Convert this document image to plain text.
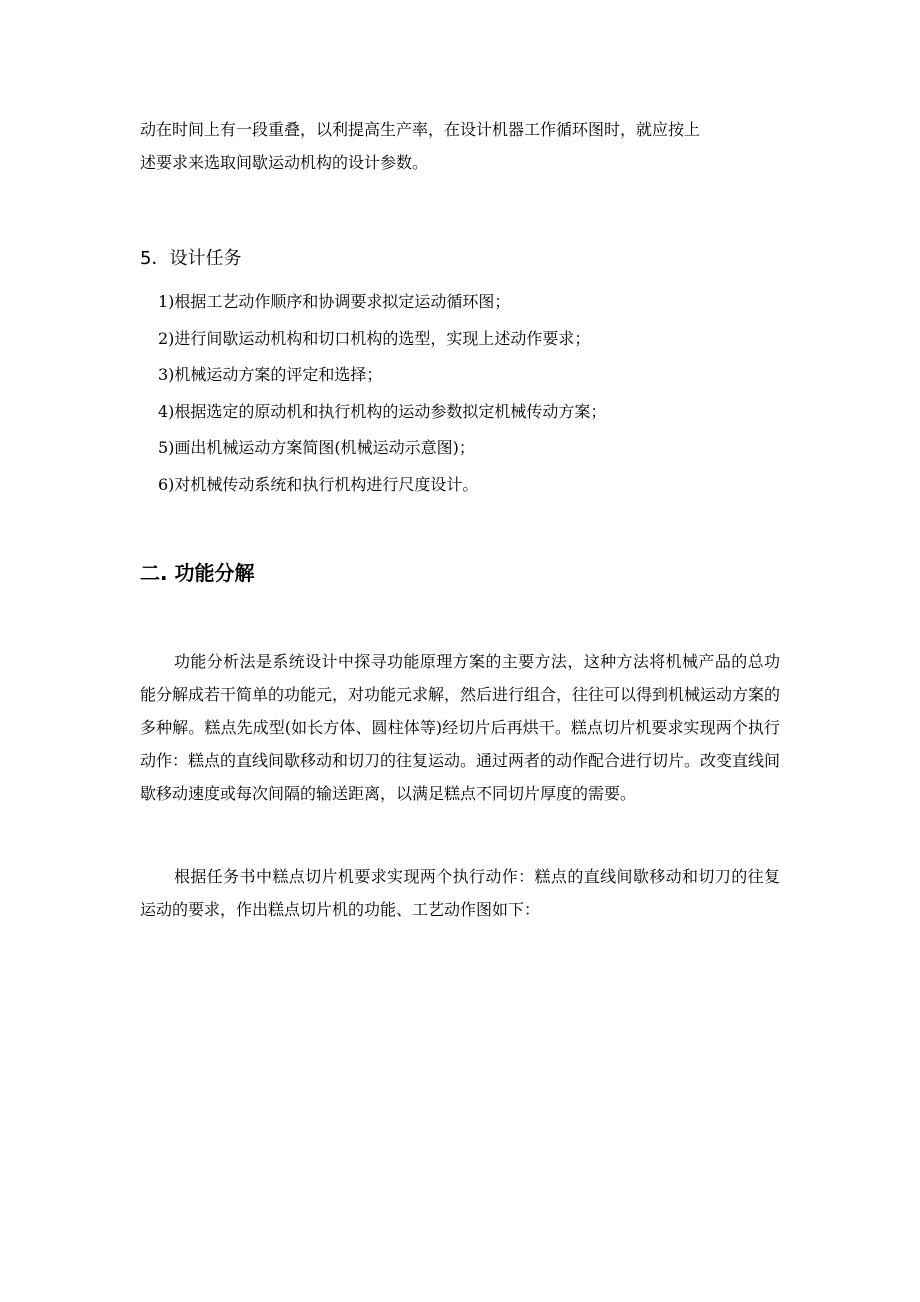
动在时间上有一段重叠，以利提高生产率，在设计机器工作循环图时，就应按上
述要求来选取间歇运动机构的设计参数。

5．设计任务
1)根据工艺动作顺序和协调要求拟定运动循环图；
2)进行间歇运动机构和切口机构的选型，实现上述动作要求；
3)机械运动方案的评定和选择；
4)根据选定的原动机和执行机构的运动参数拟定机械传动方案；
5)画出机械运动方案简图(机械运动示意图)；
6)对机械传动系统和执行机构进行尺度设计。
二. 功能分解

功能分析法是系统设计中探寻功能原理方案的主要方法，这种方法将机械产品的总功能分解成若干简单的功能元，对功能元求解，然后进行组合，往往可以得到机械运动方案的多种解。糕点先成型(如长方体、圆柱体等)经切片后再烘干。糕点切片机要求实现两个执行动作：糕点的直线间歇移动和切刀的往复运动。通过两者的动作配合进行切片。改变直线间歇移动速度或每次间隔的输送距离，以满足糕点不同切片厚度的需要。

根据任务书中糕点切片机要求实现两个执行动作：糕点的直线间歇移动和切刀的往复运动的要求，作出糕点切片机的功能、工艺动作图如下：
